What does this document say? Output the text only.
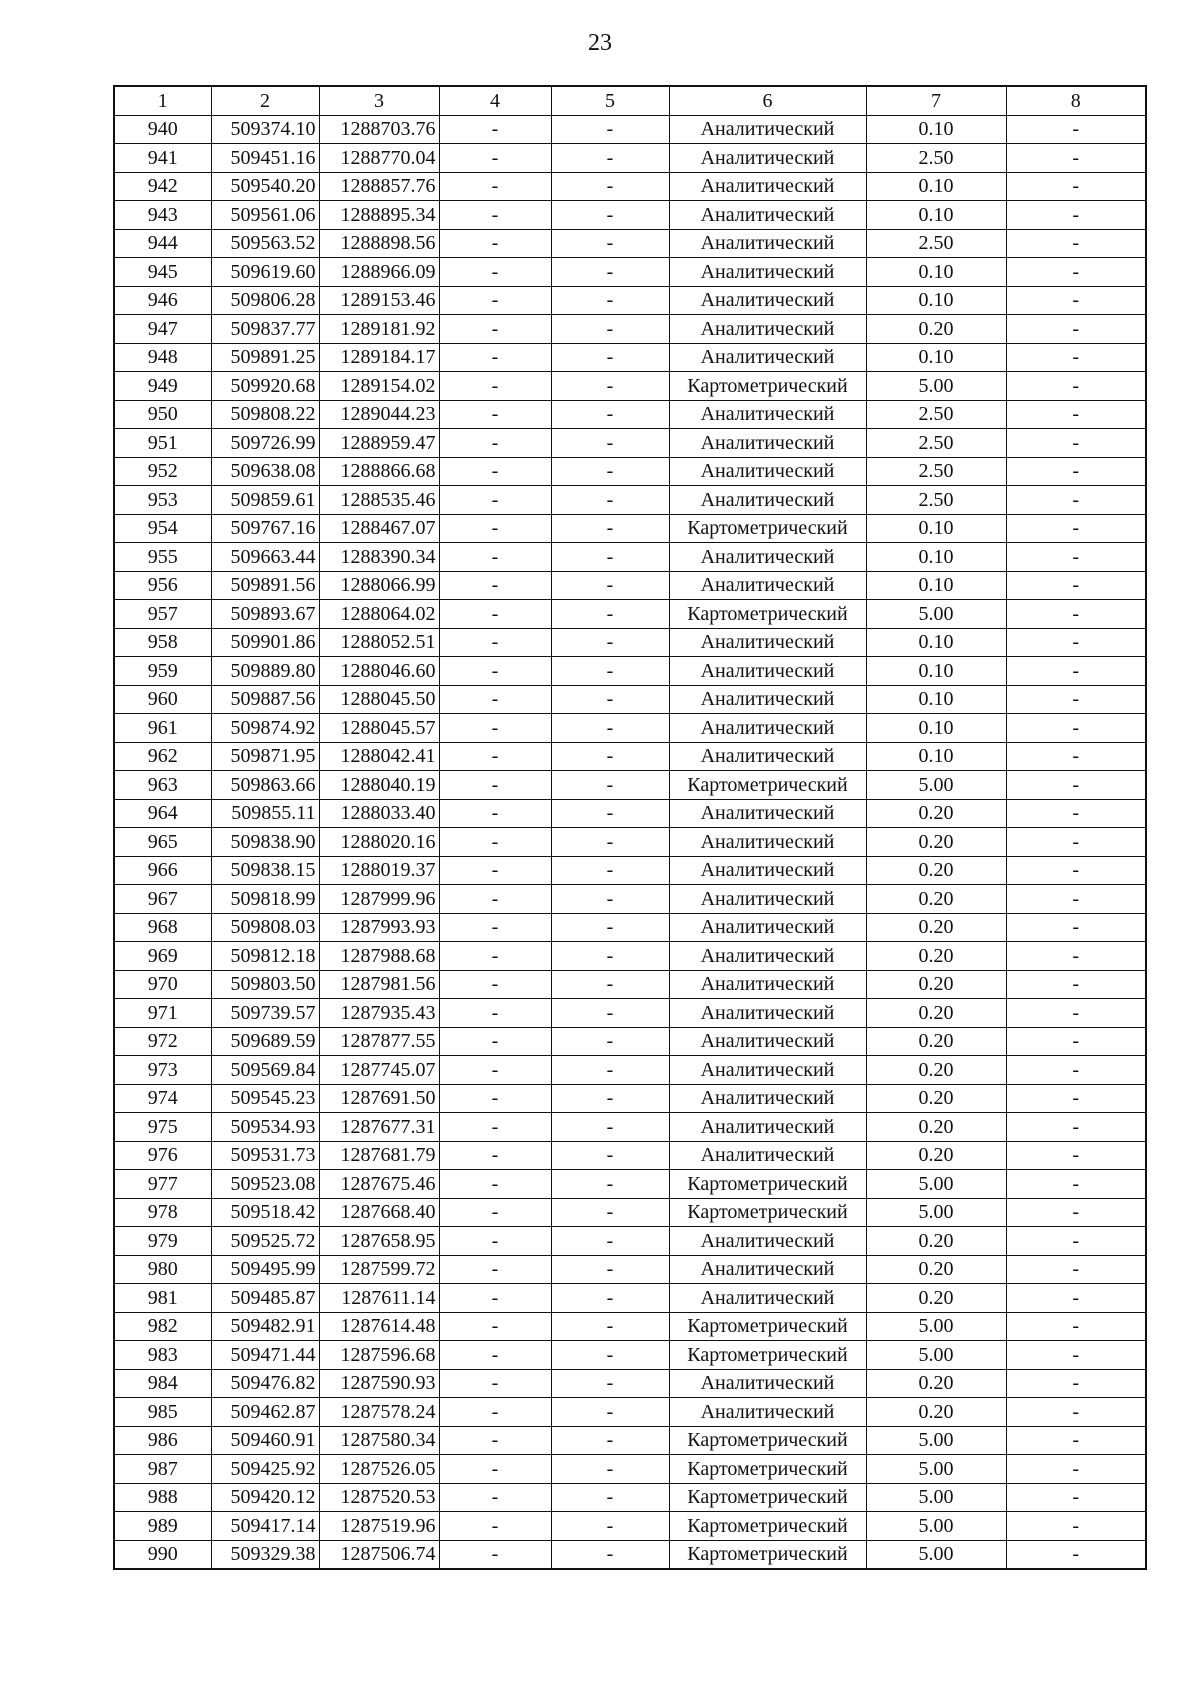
23
1	2	3	4	5	6	7	8
940	509374.10	1288703.76	-	-	Аналитический	0.10	-
941	509451.16	1288770.04	-	-	Аналитический	2.50	-
942	509540.20	1288857.76	-	-	Аналитический	0.10	-
943	509561.06	1288895.34	-	-	Аналитический	0.10	-
944	509563.52	1288898.56	-	-	Аналитический	2.50	-
945	509619.60	1288966.09	-	-	Аналитический	0.10	-
946	509806.28	1289153.46	-	-	Аналитический	0.10	-
947	509837.77	1289181.92	-	-	Аналитический	0.20	-
948	509891.25	1289184.17	-	-	Аналитический	0.10	-
949	509920.68	1289154.02	-	-	Картометрический	5.00	-
950	509808.22	1289044.23	-	-	Аналитический	2.50	-
951	509726.99	1288959.47	-	-	Аналитический	2.50	-
952	509638.08	1288866.68	-	-	Аналитический	2.50	-
953	509859.61	1288535.46	-	-	Аналитический	2.50	-
954	509767.16	1288467.07	-	-	Картометрический	0.10	-
955	509663.44	1288390.34	-	-	Аналитический	0.10	-
956	509891.56	1288066.99	-	-	Аналитический	0.10	-
957	509893.67	1288064.02	-	-	Картометрический	5.00	-
958	509901.86	1288052.51	-	-	Аналитический	0.10	-
959	509889.80	1288046.60	-	-	Аналитический	0.10	-
960	509887.56	1288045.50	-	-	Аналитический	0.10	-
961	509874.92	1288045.57	-	-	Аналитический	0.10	-
962	509871.95	1288042.41	-	-	Аналитический	0.10	-
963	509863.66	1288040.19	-	-	Картометрический	5.00	-
964	509855.11	1288033.40	-	-	Аналитический	0.20	-
965	509838.90	1288020.16	-	-	Аналитический	0.20	-
966	509838.15	1288019.37	-	-	Аналитический	0.20	-
967	509818.99	1287999.96	-	-	Аналитический	0.20	-
968	509808.03	1287993.93	-	-	Аналитический	0.20	-
969	509812.18	1287988.68	-	-	Аналитический	0.20	-
970	509803.50	1287981.56	-	-	Аналитический	0.20	-
971	509739.57	1287935.43	-	-	Аналитический	0.20	-
972	509689.59	1287877.55	-	-	Аналитический	0.20	-
973	509569.84	1287745.07	-	-	Аналитический	0.20	-
974	509545.23	1287691.50	-	-	Аналитический	0.20	-
975	509534.93	1287677.31	-	-	Аналитический	0.20	-
976	509531.73	1287681.79	-	-	Аналитический	0.20	-
977	509523.08	1287675.46	-	-	Картометрический	5.00	-
978	509518.42	1287668.40	-	-	Картометрический	5.00	-
979	509525.72	1287658.95	-	-	Аналитический	0.20	-
980	509495.99	1287599.72	-	-	Аналитический	0.20	-
981	509485.87	1287611.14	-	-	Аналитический	0.20	-
982	509482.91	1287614.48	-	-	Картометрический	5.00	-
983	509471.44	1287596.68	-	-	Картометрический	5.00	-
984	509476.82	1287590.93	-	-	Аналитический	0.20	-
985	509462.87	1287578.24	-	-	Аналитический	0.20	-
986	509460.91	1287580.34	-	-	Картометрический	5.00	-
987	509425.92	1287526.05	-	-	Картометрический	5.00	-
988	509420.12	1287520.53	-	-	Картометрический	5.00	-
989	509417.14	1287519.96	-	-	Картометрический	5.00	-
990	509329.38	1287506.74	-	-	Картометрический	5.00	-
